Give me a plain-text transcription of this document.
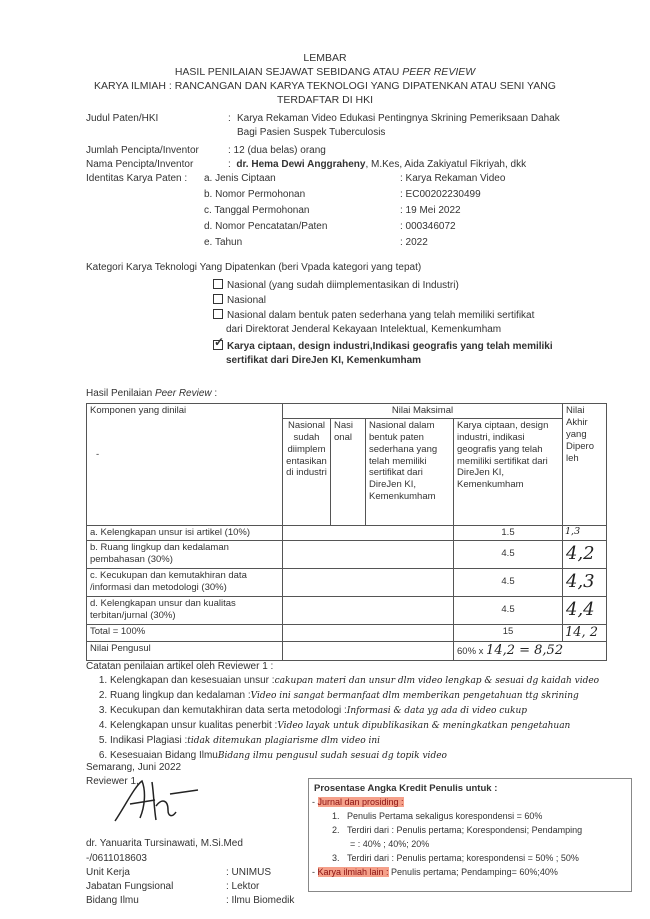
LEMBAR
HASIL PENILAIAN SEJAWAT SEBIDANG ATAU PEER REVIEW
KARYA ILMIAH : RANCANGAN DAN KARYA TEKNOLOGI YANG DIPATENKAN ATAU SENI YANG
TERDAFTAR DI HKI
Judul Paten/HKI	: Karya Rekaman Video Edukasi Pentingnya Skrining Pemeriksaan Dahak
Bagi Pasien Suspek Tuberculosis
Jumlah Pencipta/Inventor	: 12 (dua belas) orang
Nama Pencipta/Inventor	: dr. Hema Dewi Anggraheny, M.Kes, Aida Zakiyatul Fikriyah, dkk
Identitas Karya Paten : a. Jenis Ciptaan	: Karya Rekaman Video
b. Nomor Permohonan	: EC00202230499
c. Tanggal Permohonan	: 19 Mei 2022
d. Nomor Pencatatan/Paten	: 000346072
e. Tahun	: 2022
Kategori Karya Teknologi Yang Dipatenkan (beri Vpada kategori yang tepat)
Nasional (yang sudah diimplementasikan di Industri)
Nasional
Nasional dalam bentuk paten sederhana yang telah memiliki sertifikat
dari Direktorat Jenderal Kekayaan Intelektual, Kemenkumham
✓ Karya ciptaan, design industri,Indikasi geografis yang telah memiliki
sertifikat dari DireJen KI, Kemenkumham
Hasil Penilaian Peer Review :
Komponen yang dinilai
-	Nilai Maksimal				Nilai Akhir yang Dipero leh
	Nasional sudah diimplem entasikan di industri	Nasi onal	Nasional dalam bentuk paten sederhana yang telah memiliki sertifikat dari DireJen KI, Kemenkumham	Karya ciptaan, design industri, indikasi geografis yang telah memiliki sertifikat dari DireJen KI, Kemenkumham	
a. Kelengkapan unsur isi artikel (10%)				1.5	1,3
b. Ruang lingkup dan kedalaman pembahasan (30%)				4.5	4,2
c. Kecukupan dan kemutakhiran data /informasi dan metodologi (30%)				4.5	4,3
d. Kelengkapan unsur dan kualitas terbitan/jurnal (30%)				4.5	4,4
Total = 100%				15	14, 2
Nilai Pengusul				60% x 14,2 = 8,52	
Catatan penilaian artikel oleh Reviewer 1 :
1. Kelengkapan dan kesesuaian unsur :cakupan materi dan unsur dlm video lengkap & sesuai dg kaidah video
2. Ruang lingkup dan kedalaman :Video ini sangat bermanfaat dlm memberikan pengetahuan ttg skrining
3. Kecukupan dan kemutakhiran data serta metodologi :Informasi & data yg ada di video cukup
4. Kelengkapan unsur kualitas penerbit :Video layak untuk dipublikasikan & meningkatkan pengetahuan
5. Indikasi Plagiasi :tidak ditemukan plagiarisme dlm video ini
6. Kesesuaian Bidang IlmuBidang ilmu pengusul sudah sesuai dg topik video
Semarang, Juni 2022
Reviewer 1,
dr. Yanuarita Tursinawati, M.Si.Med
-/0611018603
Unit Kerja	: UNIMUS
Jabatan Fungsional	: Lektor
Bidang Ilmu	: Ilmu Biomedik
Prosentase Angka Kredit Penulis untuk :
- Jurnal dan prosiding :
1.   Penulis Pertama sekaligus korespondensi = 60%
2.   Terdiri dari : Penulis pertama; Korespondensi; Pendamping
= : 40% ; 40%; 20%
3.   Terdiri dari : Penulis pertama; korespondensi = 50% ; 50%
- Karya ilmiah lain : Penulis pertama; Pendamping= 60%;40%
